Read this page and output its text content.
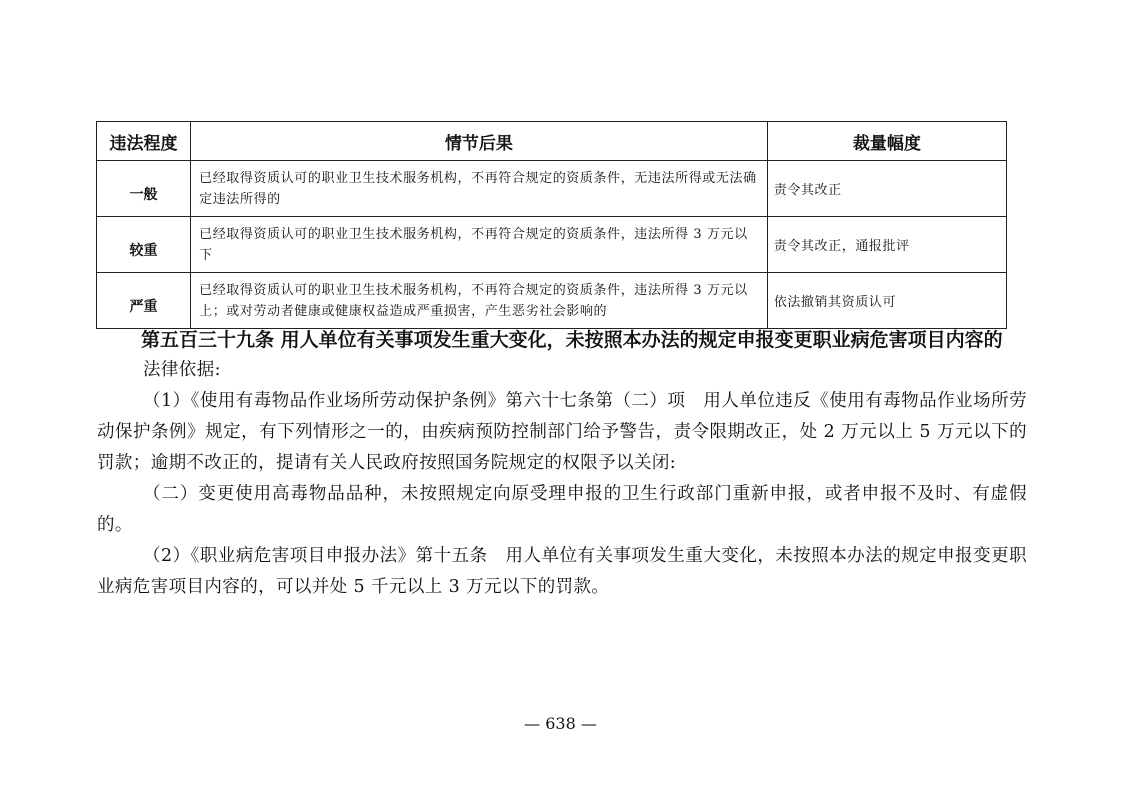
违法程度	情节后果	裁量幅度
一般	已经取得资质认可的职业卫生技术服务机构，不再符合规定的资质条件，无违法所得或无法确定违法所得的	责令其改正
较重	已经取得资质认可的职业卫生技术服务机构，不再符合规定的资质条件，违法所得 3 万元以下	责令其改正，通报批评
严重	已经取得资质认可的职业卫生技术服务机构，不再符合规定的资质条件，违法所得 3 万元以上；或对劳动者健康或健康权益造成严重损害，产生恶劣社会影响的	依法撤销其资质认可

第五百三十九条 用人单位有关事项发生重大变化，未按照本办法的规定申报变更职业病危害项目内容的

法律依据:

（1）《使用有毒物品作业场所劳动保护条例》第六十七条第（二）项　用人单位违反《使用有毒物品作业场所劳动保护条例》规定，有下列情形之一的，由疾病预防控制部门给予警告，责令限期改正，处 2 万元以上 5 万元以下的罚款；逾期不改正的，提请有关人民政府按照国务院规定的权限予以关闭:

（二）变更使用高毒物品品种，未按照规定向原受理申报的卫生行政部门重新申报，或者申报不及时、有虚假的。

（2）《职业病危害项目申报办法》第十五条　用人单位有关事项发生重大变化，未按照本办法的规定申报变更职业病危害项目内容的，可以并处 5 千元以上 3 万元以下的罚款。

— 638 —
